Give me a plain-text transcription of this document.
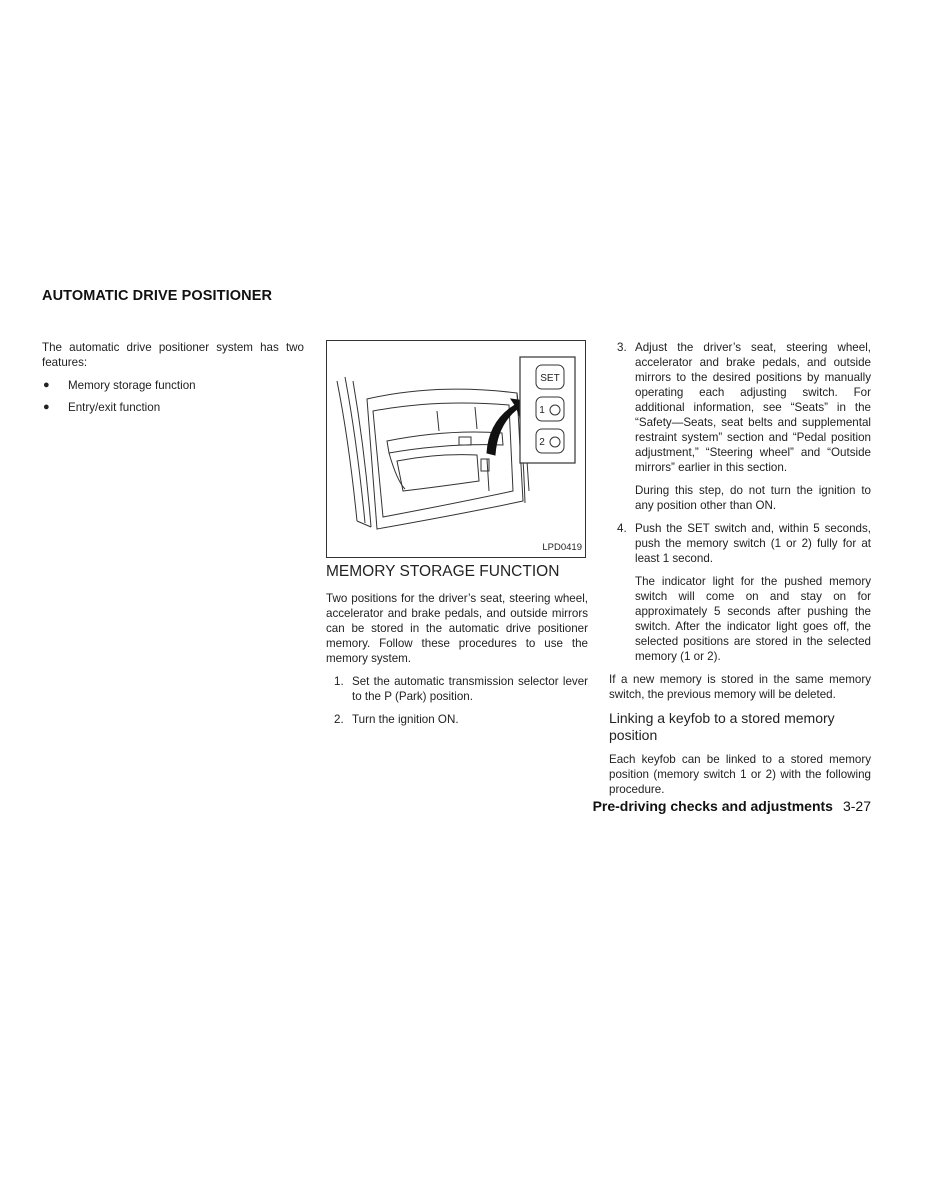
AUTOMATIC DRIVE POSITIONER

The automatic drive positioner system has two features:

●	Memory storage function
●	Entry/exit function
SET
1
2
LPD0419
MEMORY STORAGE FUNCTION

Two positions for the driver’s seat, steering wheel, accelerator and brake pedals, and outside mirrors can be stored in the automatic drive positioner memory. Follow these procedures to use the memory system.

1. Set the automatic transmission selector lever to the P (Park) position.
2. Turn the ignition ON.
3. Adjust the driver’s seat, steering wheel, accelerator and brake pedals, and outside mirrors to the desired positions by manually operating each adjusting switch. For additional information, see “Seats” in the “Safety—Seats, seat belts and supplemental restraint system” section and “Pedal position adjustment,” “Steering wheel” and “Outside mirrors” earlier in this section.

During this step, do not turn the ignition to any position other than ON.

4. Push the SET switch and, within 5 seconds, push the memory switch (1 or 2) fully for at least 1 second.

The indicator light for the pushed memory switch will come on and stay on for approximately 5 seconds after pushing the switch. After the indicator light goes off, the selected positions are stored in the selected memory (1 or 2).

If a new memory is stored in the same memory switch, the previous memory will be deleted.

Linking a keyfob to a stored memory position

Each keyfob can be linked to a stored memory position (memory switch 1 or 2) with the following procedure.

Pre-driving checks and adjustments 3-27
